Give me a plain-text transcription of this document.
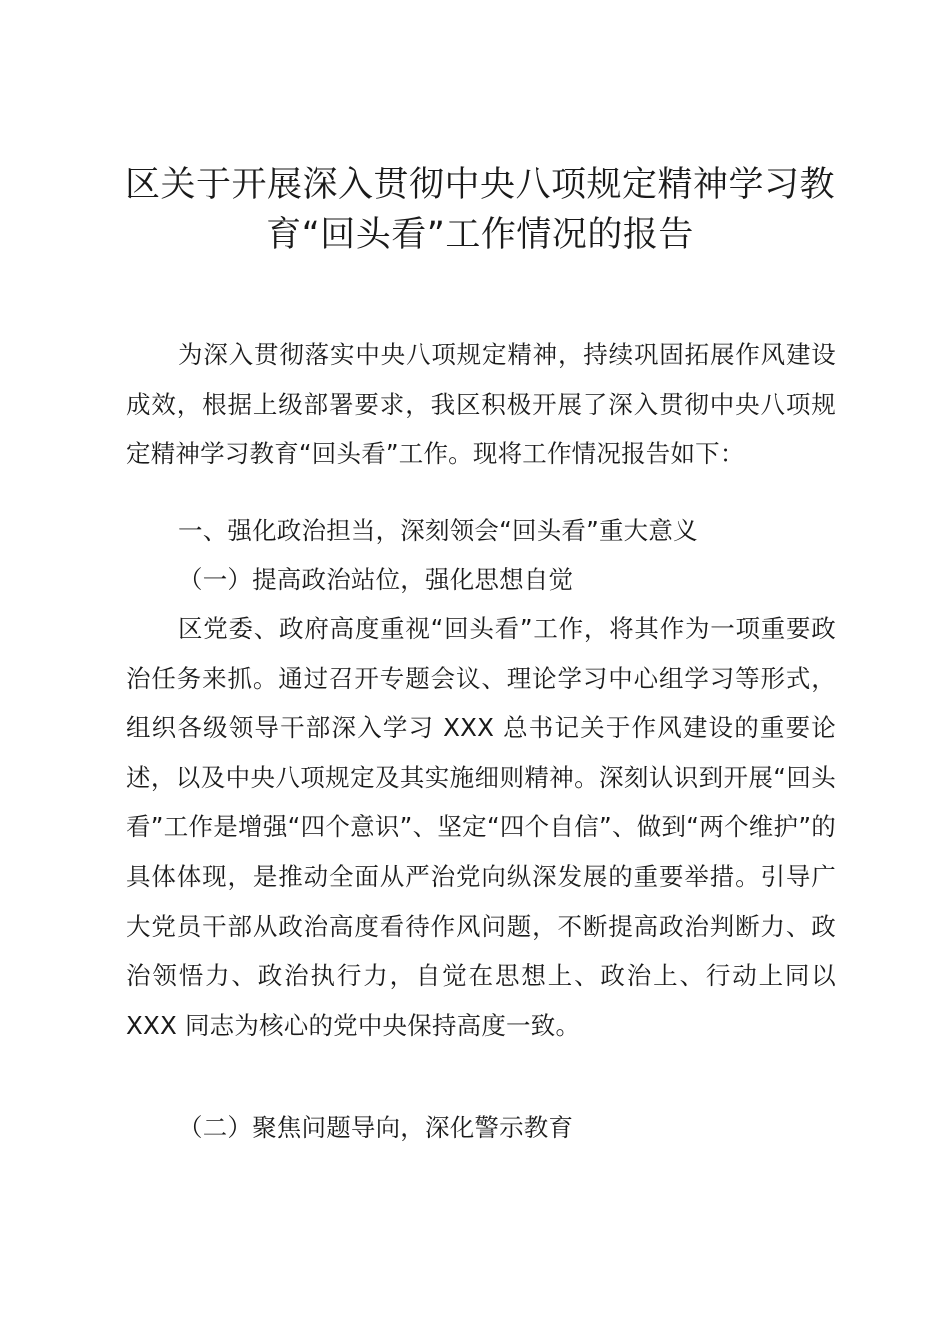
区关于开展深入贯彻中央八项规定精神学习教
育“回头看”工作情况的报告
为深入贯彻落实中央八项规定精神，持续巩固拓展作风建设成效，根据上级部署要求，我区积极开展了深入贯彻中央八项规定精神学习教育“回头看”工作。现将工作情况报告如下：
一、强化政治担当，深刻领会“回头看”重大意义
（一）提高政治站位，强化思想自觉
区党委、政府高度重视“回头看”工作，将其作为一项重要政治任务来抓。通过召开专题会议、理论学习中心组学习等形式，组织各级领导干部深入学习 XXX 总书记关于作风建设的重要论述，以及中央八项规定及其实施细则精神。深刻认识到开展“回头看”工作是增强“四个意识”、坚定“四个自信”、做到“两个维护”的具体体现，是推动全面从严治党向纵深发展的重要举措。引导广大党员干部从政治高度看待作风问题，不断提高政治判断力、政治领悟力、政治执行力，自觉在思想上、政治上、行动上同以 XXX 同志为核心的党中央保持高度一致。
（二）聚焦问题导向，深化警示教育
